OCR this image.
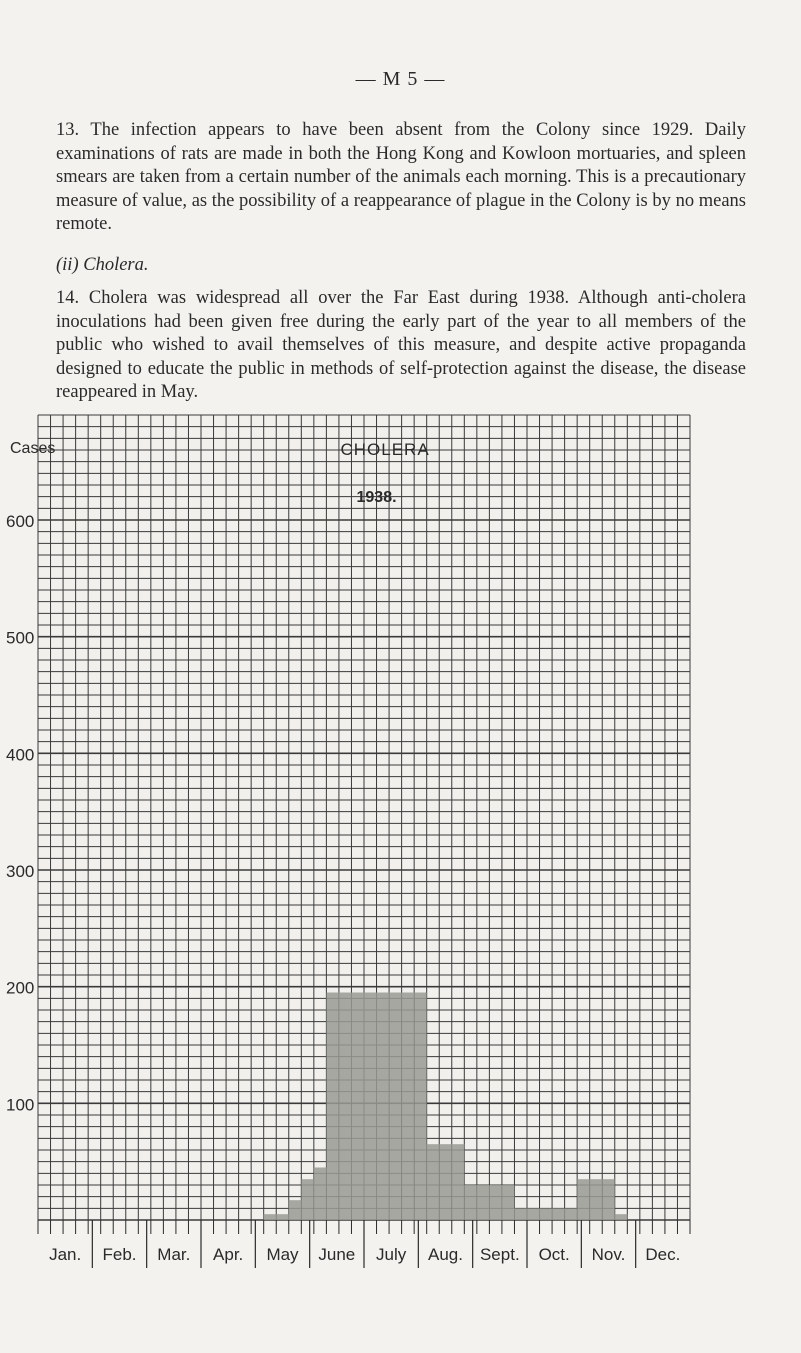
— M 5 —
13. The infection appears to have been absent from the Colony since 1929. Daily examinations of rats are made in both the Hong Kong and Kowloon mortuaries, and spleen smears are taken from a certain number of the animals each morning. This is a precautionary measure of value, as the possibility of a reappearance of plague in the Colony is by no means remote.
(ii) Cholera.
14. Cholera was widespread all over the Far East during 1938. Although anti-cholera inoculations had been given free during the early part of the year to all members of the public who wished to avail themselves of this measure, and despite active propaganda designed to educate the public in methods of self-protection against the disease, the disease reappeared in May.
100
200
300
400
500
600
Cases	CHOLERA
1938.
Jan. Feb. Mar. Apr. May June July Aug. Sept. Oct. Nov. Dec.
